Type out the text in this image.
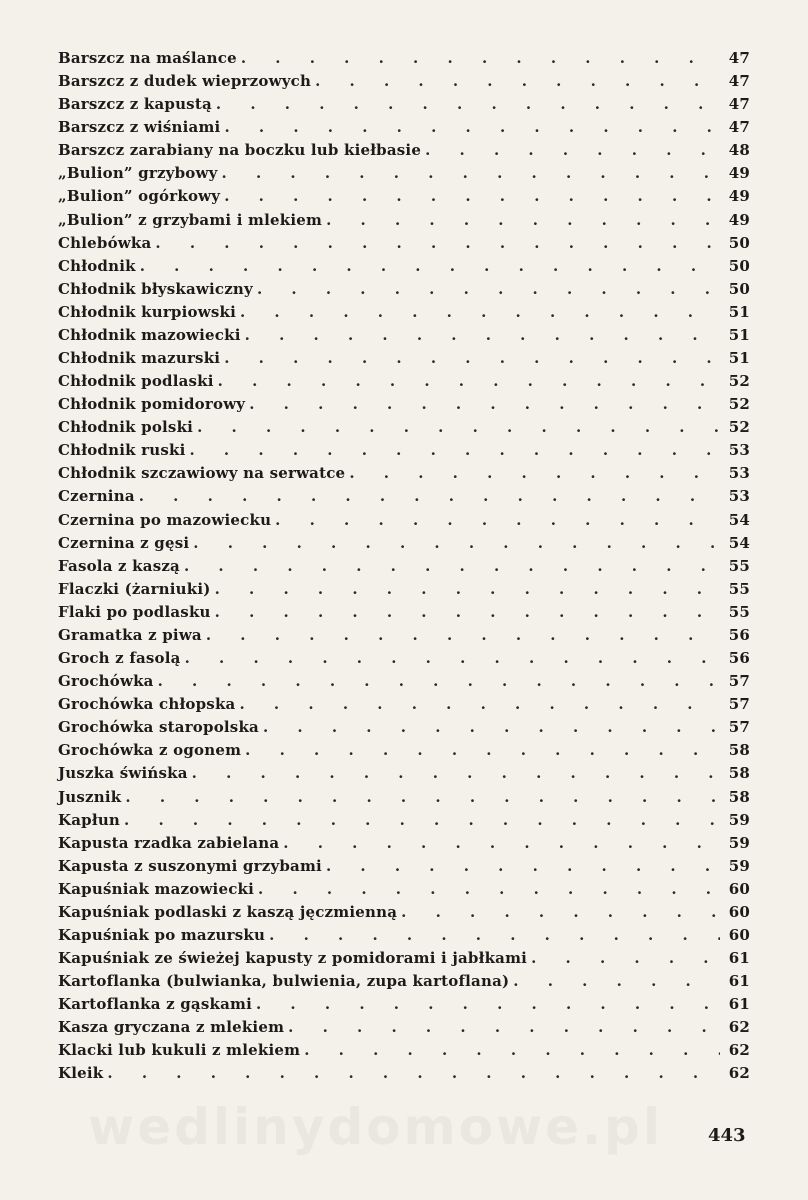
Barszcz na maślance . . .	47
Barszcz z dudek wieprzowych . . .	47
Barszcz z kapustą . . .	47
Barszcz z wiśniami . . .	47
Barszcz zarabiany na boczku lub kiełbasie . . .	48
„Bulion” grzybowy . . .	49
„Bulion” ogórkowy . . .	49
„Bulion” z grzybami i mlekiem . . .	49
Chlebówka . . .	50
Chłodnik . . .	50
Chłodnik błyskawiczny . . .	50
Chłodnik kurpiowski . . .	51
Chłodnik mazowiecki . . .	51
Chłodnik mazurski . . .	51
Chłodnik podlaski . . .	52
Chłodnik pomidorowy . . .	52
Chłodnik polski . . .	52
Chłodnik ruski . . .	53
Chłodnik szczawiowy na serwatce . . .	53
Czernina . . .	53
Czernina po mazowiecku . . .	54
Czernina z gęsi . . .	54
Fasola z kaszą . . .	55
Flaczki (żarniuki) . . .	55
Flaki po podlasku . . .	55
Gramatka z piwa . . .	56
Groch z fasolą . . .	56
Grochówka . . .	57
Grochówka chłopska . . .	57
Grochówka staropolska . . .	57
Grochówka z ogonem . . .	58
Juszka świńska . . .	58
Jusznik . . .	58
Kapłun . . .	59
Kapusta rzadka zabielana . . .	59
Kapusta z suszonymi grzybami . . .	59
Kapuśniak mazowiecki . . .	60
Kapuśniak podlaski z kaszą jęczmienną . . .	60
Kapuśniak po mazursku . . .	60
Kapuśniak ze świeżej kapusty z pomidorami i jabłkami . . .	61
Kartoflanka (bulwianka, bulwienia, zupa kartoflana) . . .	61
Kartoflanka z gąskami . . .	61
Kasza gryczana z mlekiem . . .	62
Klacki lub kukuli z mlekiem . . .	62
Kleik . . .	62
wedlinydomowe.pl	443
